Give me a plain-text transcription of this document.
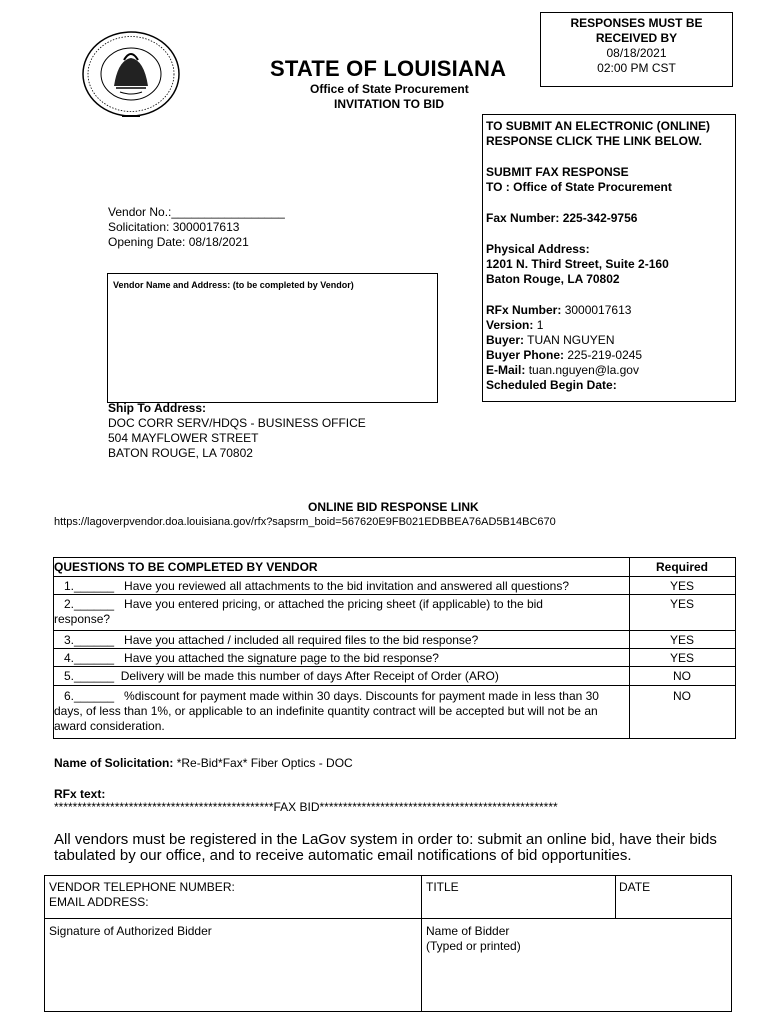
RESPONSES MUST BE
RECEIVED BY
08/18/2021
02:00 PM CST
STATE OF LOUISIANA
Office of State Procurement
INVITATION TO BID
TO SUBMIT AN ELECTRONIC (ONLINE)
RESPONSE CLICK THE LINK BELOW.
SUBMIT FAX RESPONSE
TO : Office of State Procurement
Fax Number: 225-342-9756
Physical Address:
1201 N. Third Street, Suite 2-160
Baton Rouge, LA 70802
RFx Number: 3000017613
Version: 1
Buyer: TUAN NGUYEN
Buyer Phone: 225-219-0245
E-Mail: tuan.nguyen@la.gov
Scheduled Begin Date:
Vendor No.:_________________
Solicitation: 3000017613
Opening Date: 08/18/2021
Vendor Name and Address: (to be completed by Vendor)
Ship To Address:
DOC CORR SERV/HDQS - BUSINESS OFFICE
504 MAYFLOWER STREET
BATON ROUGE, LA 70802
ONLINE BID RESPONSE LINK
https://lagoverpvendor.doa.louisiana.gov/rfx?sapsrm_boid=567620E9FB021EDBBEA76AD5B14BC670
QUESTIONS TO BE COMPLETED BY VENDOR	Required
1.______   Have you reviewed all attachments to the bid invitation and answered all questions?	YES
2.______   Have you entered pricing, or attached the pricing sheet (if applicable) to the bid
response?
YES
3.______   Have you attached / included all required files to the bid response?	YES
4.______   Have you attached the signature page to the bid response?	YES
5.______  Delivery will be made this number of days After Receipt of Order (ARO)	NO
6.______   %discount for payment made within 30 days. Discounts for payment made in less than 30
days, of less than 1%, or applicable to an indefinite quantity contract will be accepted but will not be an
award consideration.
NO
Name of Solicitation: *Re-Bid*Fax* Fiber Optics - DOC
RFx text:
***********************************************FAX BID***************************************************
All vendors must be registered in the LaGov system in order to: submit an online bid, have their bids tabulated by our office, and to receive automatic email notifications of bid opportunities.
VENDOR TELEPHONE NUMBER:
EMAIL ADDRESS:
TITLE	DATE
Signature of Authorized Bidder	Name of Bidder
(Typed or printed)
